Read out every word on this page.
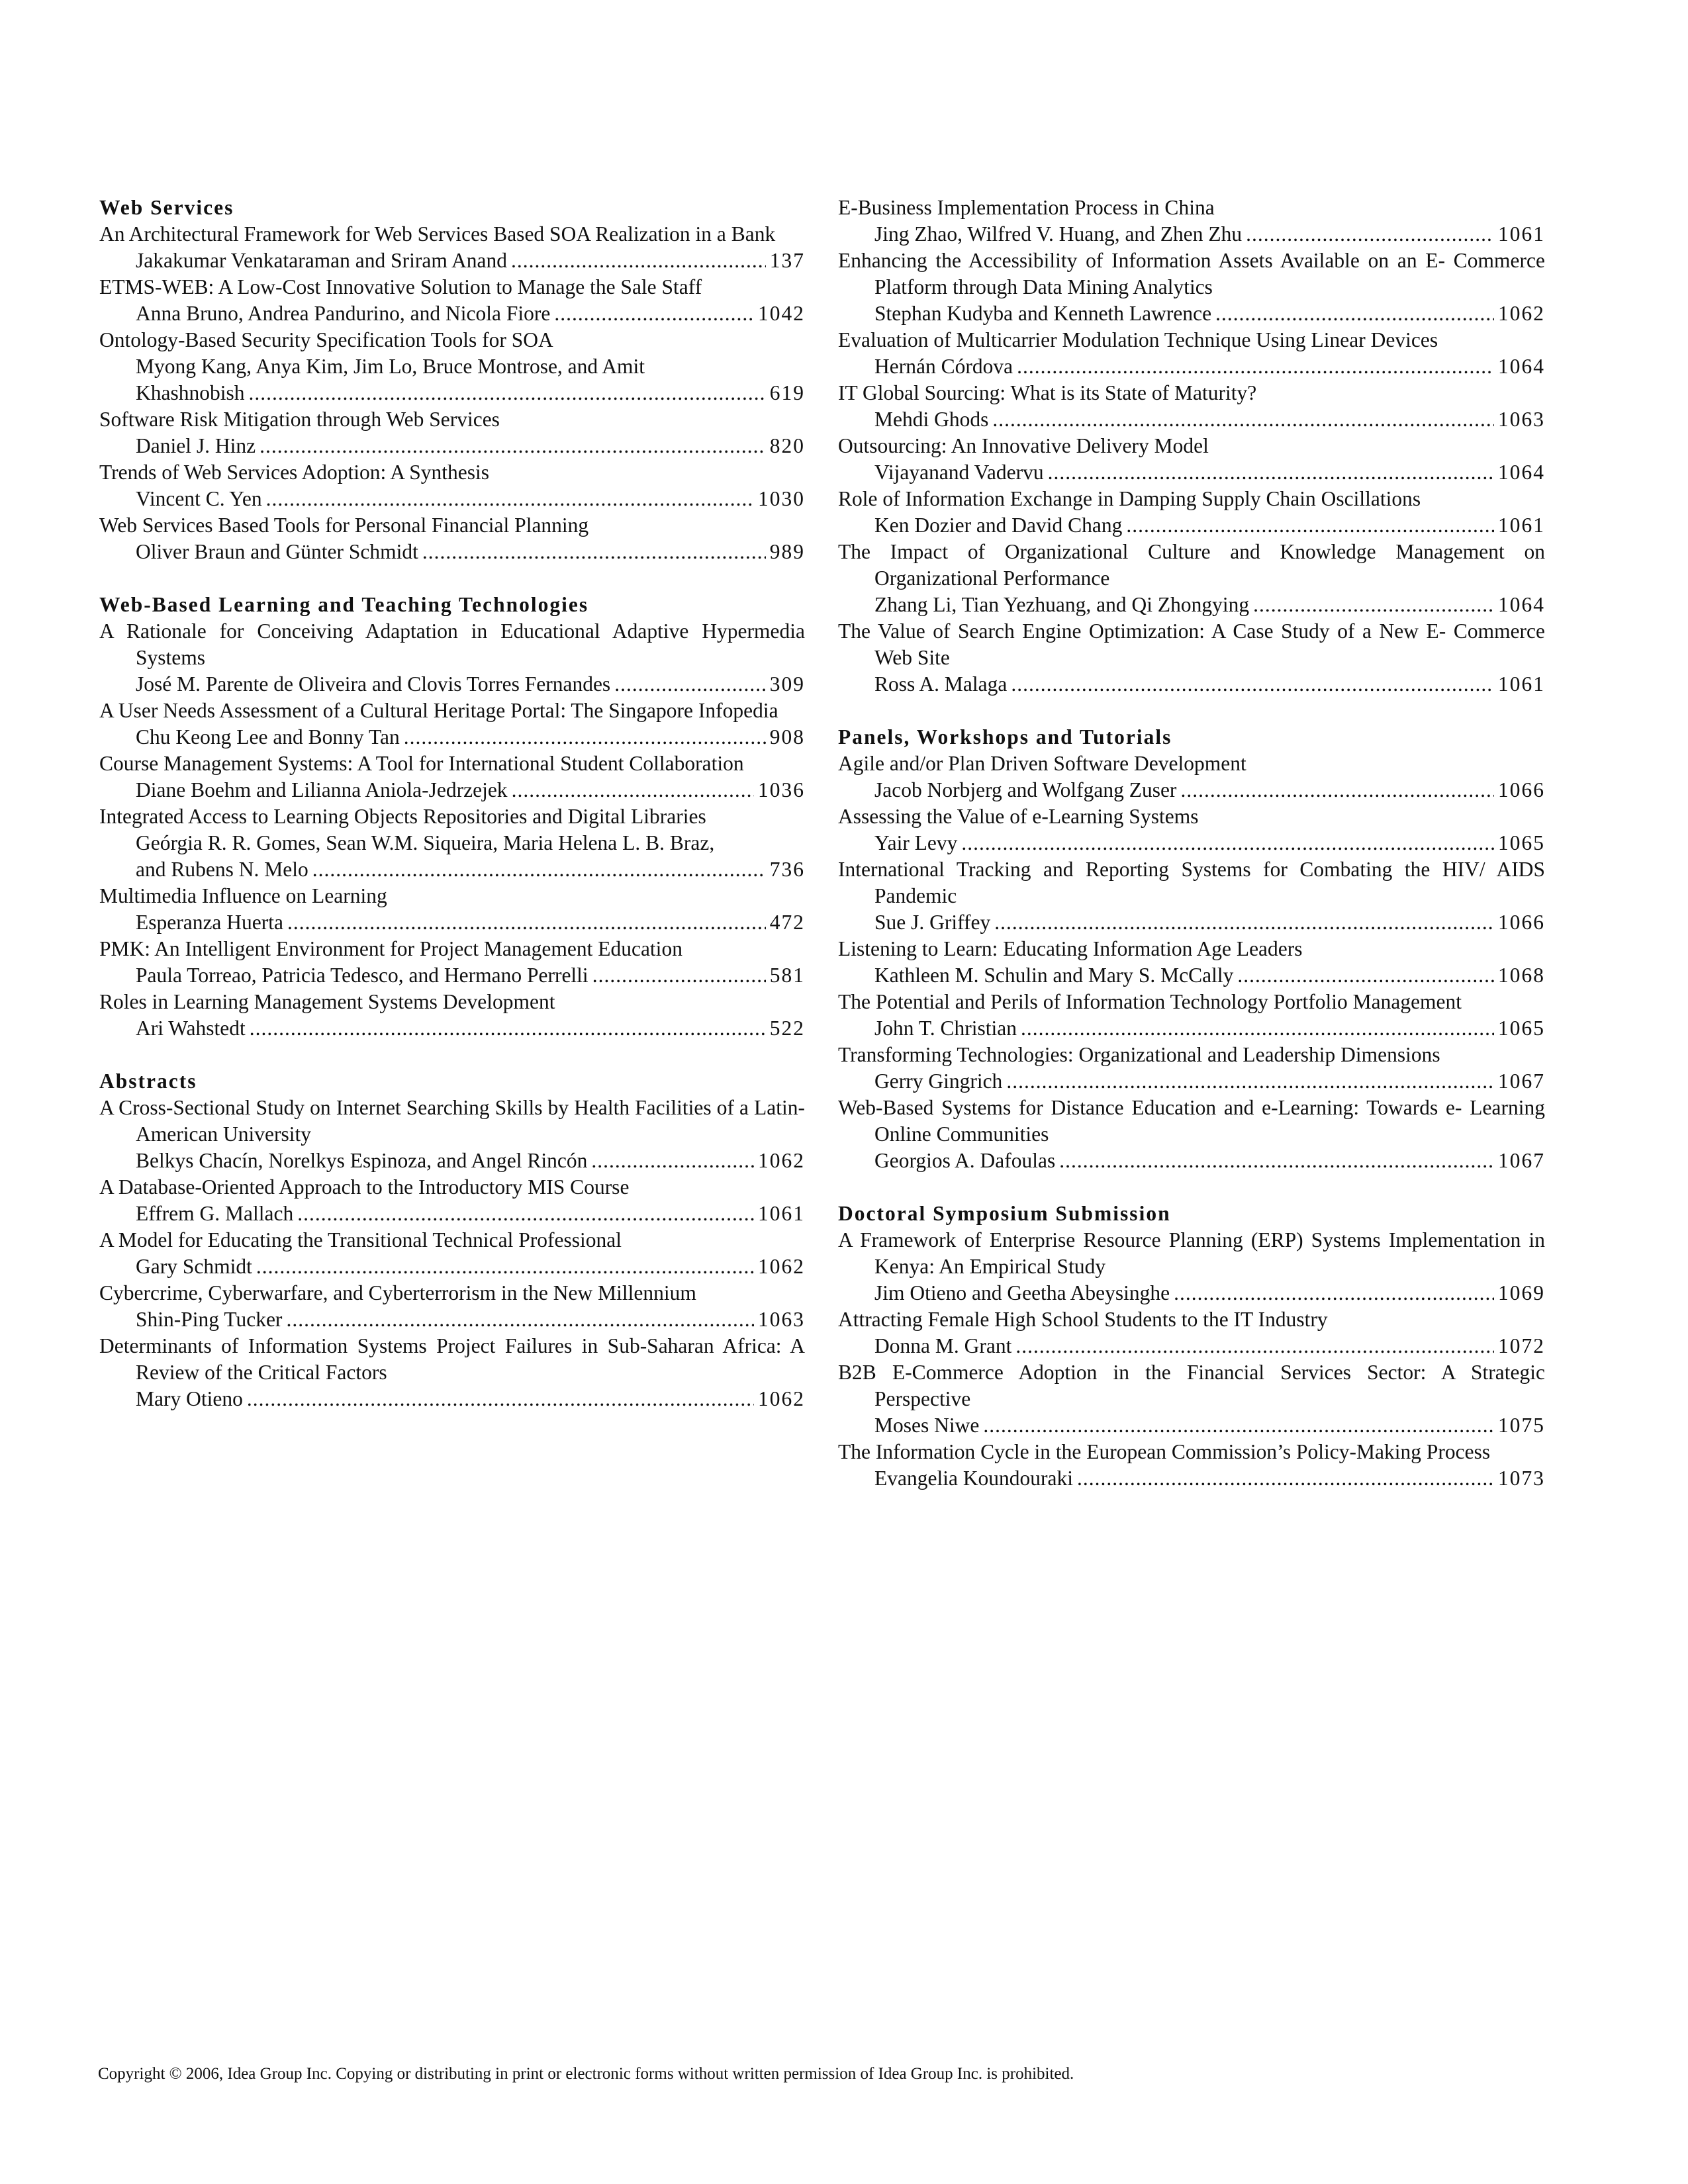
Web Services
An Architectural Framework for Web Services Based SOA Realization in a Bank
Jakakumar Venkataraman and Sriram Anand .....	137
ETMS-WEB: A Low-Cost Innovative Solution to Manage the Sale Staff
Anna Bruno, Andrea Pandurino, and Nicola Fiore .....	1042
Ontology-Based Security Specification Tools for SOA
Myong Kang, Anya Kim, Jim Lo, Bruce Montrose, and Amit
Khashnobish .....	619
Software Risk Mitigation through Web Services
Daniel J. Hinz .....	820
Trends of Web Services Adoption: A Synthesis
Vincent C. Yen .....	1030
Web Services Based Tools for Personal Financial Planning
Oliver Braun and Günter Schmidt .....	989
Web-Based Learning and Teaching Technologies
A Rationale for Conceiving Adaptation in Educational Adaptive Hypermedia Systems
José M. Parente de Oliveira and Clovis Torres Fernandes .....	309
A User Needs Assessment of a Cultural Heritage Portal: The Singapore Infopedia
Chu Keong Lee and Bonny Tan .....	908
Course Management Systems: A Tool for International Student Collaboration
Diane Boehm and Lilianna Aniola-Jedrzejek .....	1036
Integrated Access to Learning Objects Repositories and Digital Libraries
Geórgia R. R. Gomes, Sean W.M. Siqueira, Maria Helena L. B. Braz,
and Rubens N. Melo .....	736
Multimedia Influence on Learning
Esperanza Huerta .....	472
PMK: An Intelligent Environment for Project Management Education
Paula Torreao, Patricia Tedesco, and Hermano Perrelli .....	581
Roles in Learning Management Systems Development
Ari Wahstedt .....	522
Abstracts
A Cross-Sectional Study on Internet Searching Skills by Health Facilities of a Latin-American University
Belkys Chacín, Norelkys Espinoza, and Angel Rincón .....	1062
A Database-Oriented Approach to the Introductory MIS Course
Effrem G. Mallach .....	1061
A Model for Educating the Transitional Technical Professional
Gary Schmidt .....	1062
Cybercrime, Cyberwarfare, and Cyberterrorism in the New Millennium
Shin-Ping Tucker .....	1063
Determinants of Information Systems Project Failures in Sub-Saharan Africa: A Review of the Critical Factors
Mary Otieno .....	1062
E-Business Implementation Process in China
Jing Zhao, Wilfred V. Huang, and Zhen Zhu .....	1061
Enhancing the Accessibility of Information Assets Available on an E- Commerce Platform through Data Mining Analytics
Stephan Kudyba and Kenneth Lawrence .....	1062
Evaluation of Multicarrier Modulation Technique Using Linear Devices
Hernán Córdova .....	1064
IT Global Sourcing: What is its State of Maturity?
Mehdi Ghods .....	1063
Outsourcing: An Innovative Delivery Model
Vijayanand Vadervu .....	1064
Role of Information Exchange in Damping Supply Chain Oscillations
Ken Dozier and David Chang .....	1061
The Impact of Organizational Culture and Knowledge Management on Organizational Performance
Zhang Li, Tian Yezhuang, and Qi Zhongying .....	1064
The Value of Search Engine Optimization: A Case Study of a New E- Commerce Web Site
Ross A. Malaga .....	1061
Panels, Workshops and Tutorials
Agile and/or Plan Driven Software Development
Jacob Norbjerg and Wolfgang Zuser .....	1066
Assessing the Value of e-Learning Systems
Yair Levy .....	1065
International Tracking and Reporting Systems for Combating the HIV/ AIDS Pandemic
Sue J. Griffey .....	1066
Listening to Learn: Educating Information Age Leaders
Kathleen M. Schulin and Mary S. McCally .....	1068
The Potential and Perils of Information Technology Portfolio Management
John T. Christian .....	1065
Transforming Technologies: Organizational and Leadership Dimensions
Gerry Gingrich .....	1067
Web-Based Systems for Distance Education and e-Learning: Towards e- Learning Online Communities
Georgios A. Dafoulas .....	1067
Doctoral Symposium Submission
A Framework of Enterprise Resource Planning (ERP) Systems Implementation in Kenya: An Empirical Study
Jim Otieno and Geetha Abeysinghe .....	1069
Attracting Female High School Students to the IT Industry
Donna M. Grant .....	1072
B2B E-Commerce Adoption in the Financial Services Sector: A Strategic Perspective
Moses Niwe .....	1075
The Information Cycle in the European Commission’s Policy-Making Process
Evangelia Koundouraki .....	1073
Copyright © 2006, Idea Group Inc. Copying or distributing in print or electronic forms without written permission of Idea Group Inc. is prohibited.
